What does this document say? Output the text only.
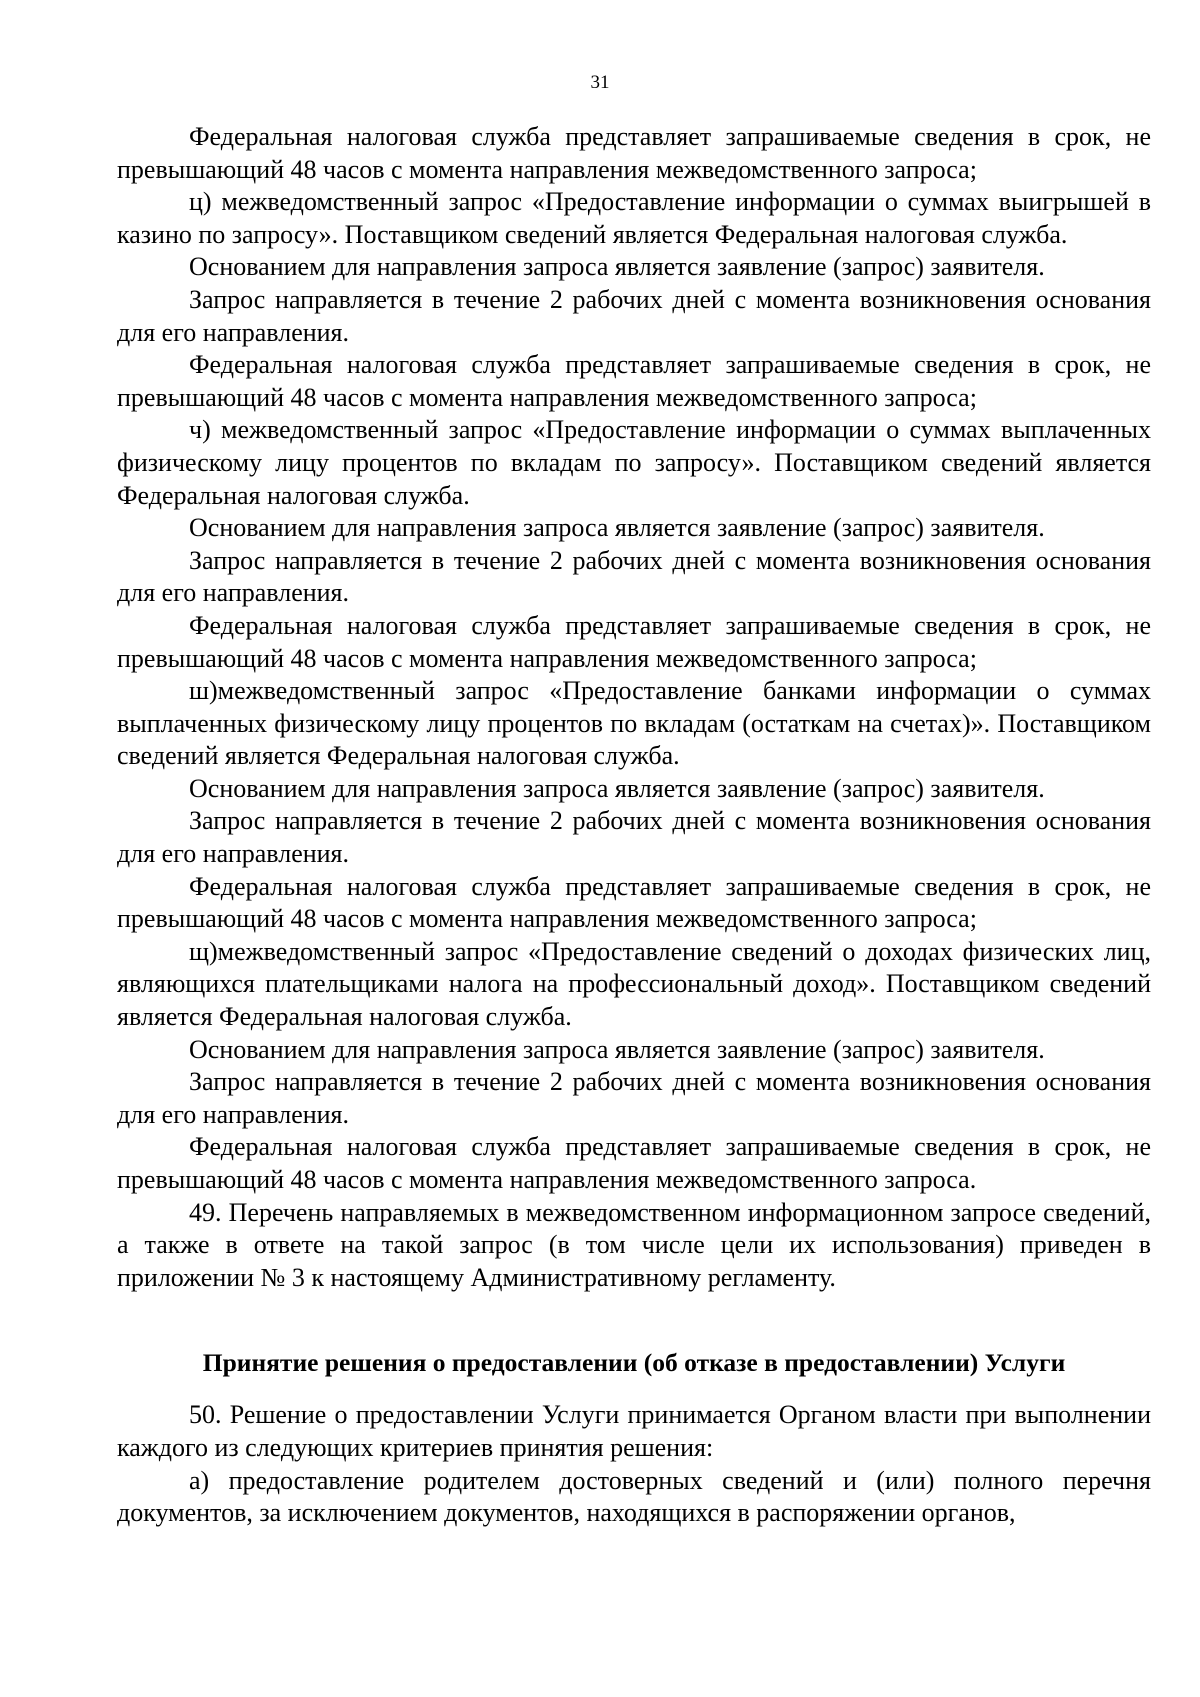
31

Федеральная налоговая служба представляет запрашиваемые сведения в срок, не превышающий 48 часов с момента направления межведомственного запроса;

ц) межведомственный запрос «Предоставление информации о суммах выигрышей в казино по запросу». Поставщиком сведений является Федеральная налоговая служба.

Основанием для направления запроса является заявление (запрос) заявителя.

Запрос направляется в течение 2 рабочих дней с момента возникновения основания для его направления.

Федеральная налоговая служба представляет запрашиваемые сведения в срок, не превышающий 48 часов с момента направления межведомственного запроса;

ч) межведомственный запрос «Предоставление информации о суммах выплаченных физическому лицу процентов по вкладам по запросу». Поставщиком сведений является Федеральная налоговая служба.

Основанием для направления запроса является заявление (запрос) заявителя.

Запрос направляется в течение 2 рабочих дней с момента возникновения основания для его направления.

Федеральная налоговая служба представляет запрашиваемые сведения в срок, не превышающий 48 часов с момента направления межведомственного запроса;

ш)межведомственный запрос «Предоставление банками информации о суммах выплаченных физическому лицу процентов по вкладам (остаткам на счетах)». Поставщиком сведений является Федеральная налоговая служба.

Основанием для направления запроса является заявление (запрос) заявителя.

Запрос направляется в течение 2 рабочих дней с момента возникновения основания для его направления.

Федеральная налоговая служба представляет запрашиваемые сведения в срок, не превышающий 48 часов с момента направления межведомственного запроса;

щ)межведомственный запрос «Предоставление сведений о доходах физических лиц, являющихся плательщиками налога на профессиональный доход». Поставщиком сведений является Федеральная налоговая служба.

Основанием для направления запроса является заявление (запрос) заявителя.

Запрос направляется в течение 2 рабочих дней с момента возникновения основания для его направления.

Федеральная налоговая служба представляет запрашиваемые сведения в срок, не превышающий 48 часов с момента направления межведомственного запроса.

49. Перечень направляемых в межведомственном информационном запросе сведений, а также в ответе на такой запрос (в том числе цели их использования) приведен в приложении № 3 к настоящему Административному регламенту.

Принятие решения о предоставлении (об отказе в предоставлении) Услуги

50. Решение о предоставлении Услуги принимается Органом власти при выполнении каждого из следующих критериев принятия решения:

а) предоставление родителем достоверных сведений и (или) полного перечня документов, за исключением документов, находящихся в распоряжении органов,
